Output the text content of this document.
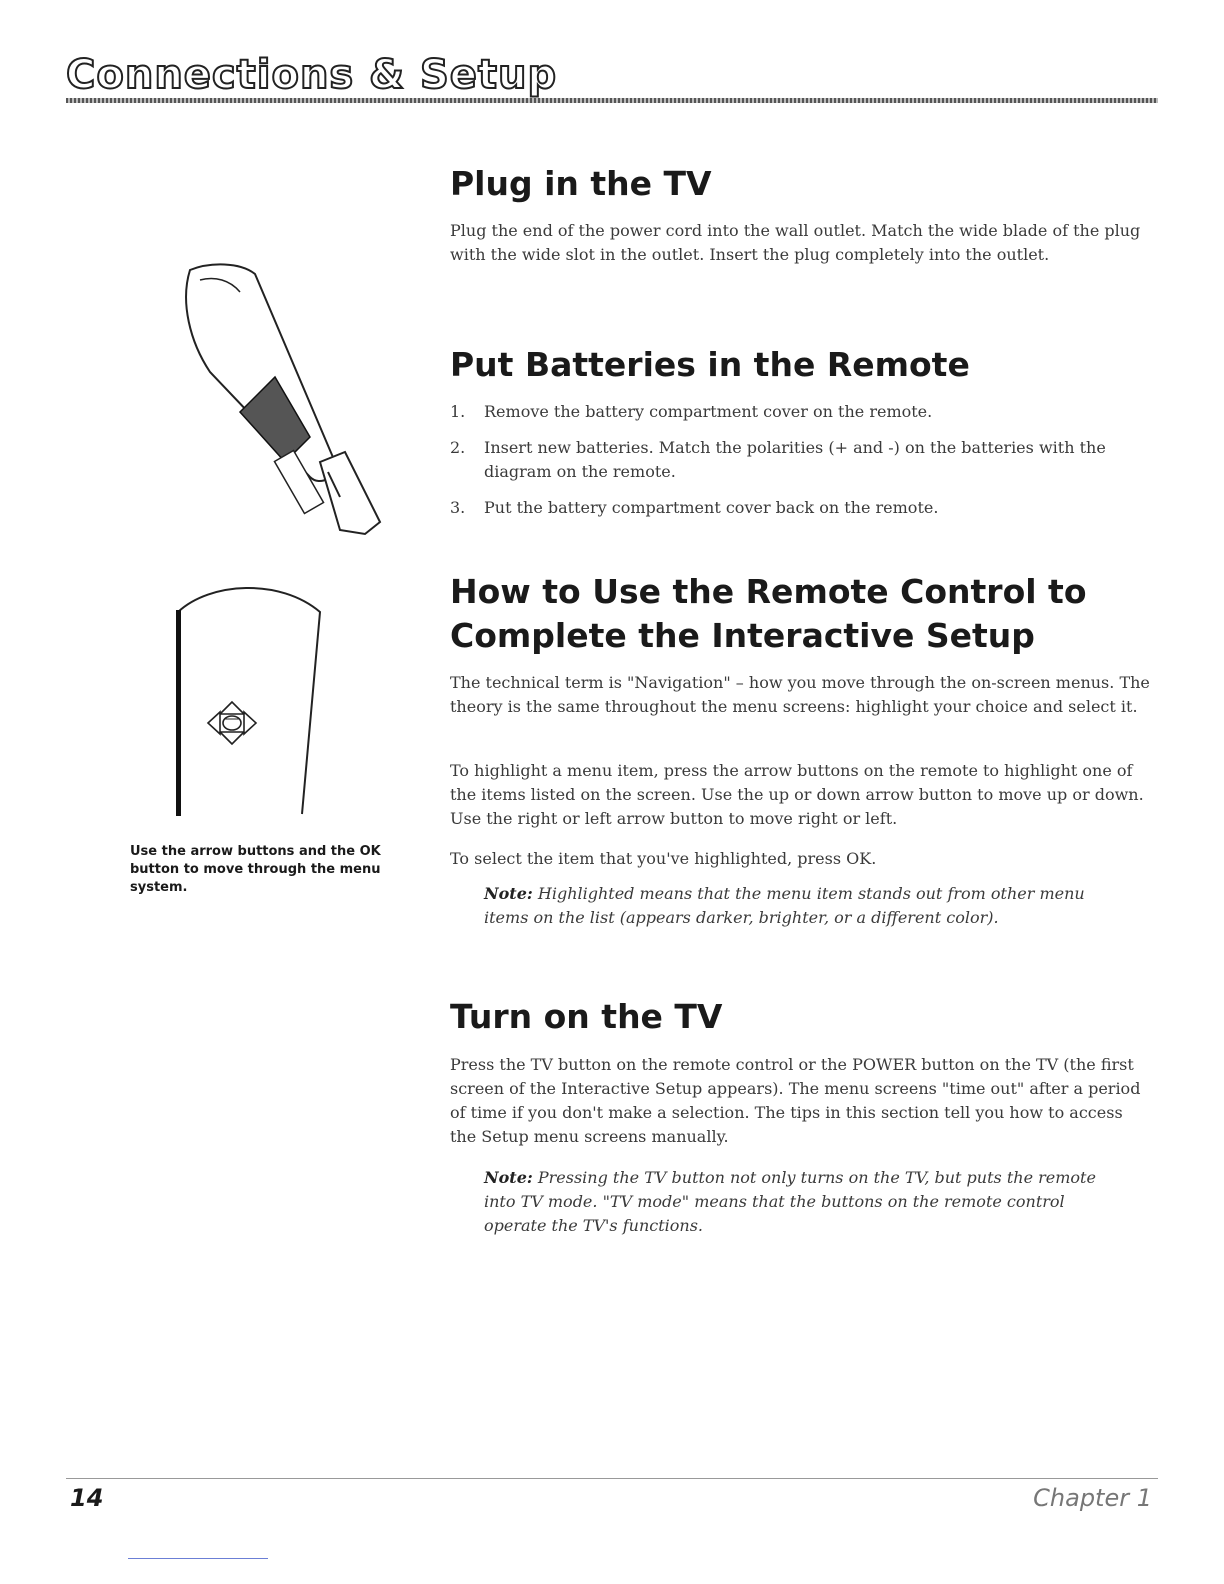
Connections & Setup
Plug in the TV

Plug the end of the power cord into the wall outlet. Match the wide blade of the plug with the wide slot in the outlet. Insert the plug completely into the outlet.

Put Batteries in the Remote
1.	Remove the battery compartment cover on the remote.
2.	Insert new batteries. Match the polarities (+ and -) on the batteries with the diagram on the remote.
3.	Put the battery compartment cover back on the remote.
How to Use the Remote Control to
Complete the Interactive Setup

The technical term is "Navigation" – how you move through the on-screen menus. The theory is the same throughout the menu screens: highlight your choice and select it.

To highlight a menu item, press the arrow buttons on the remote to highlight one of the items listed on the screen. Use the up or down arrow button to move up or down. Use the right or left arrow button to move right or left.

To select the item that you've highlighted, press OK.

Note: Highlighted means that the menu item stands out from other menu items on the list (appears darker, brighter, or a different color).

Use the arrow buttons and the OK button to move through the menu system.
Turn on the TV

Press the TV button on the remote control or the POWER button on the TV (the first screen of the Interactive Setup appears). The menu screens "time out" after a period of time if you don't make a selection. The tips in this section tell you how to access the Setup menu screens manually.

Note: Pressing the TV button not only turns on the TV, but puts the remote into TV mode. "TV mode" means that the buttons on the remote control operate the TV's functions.

14	Chapter 1
